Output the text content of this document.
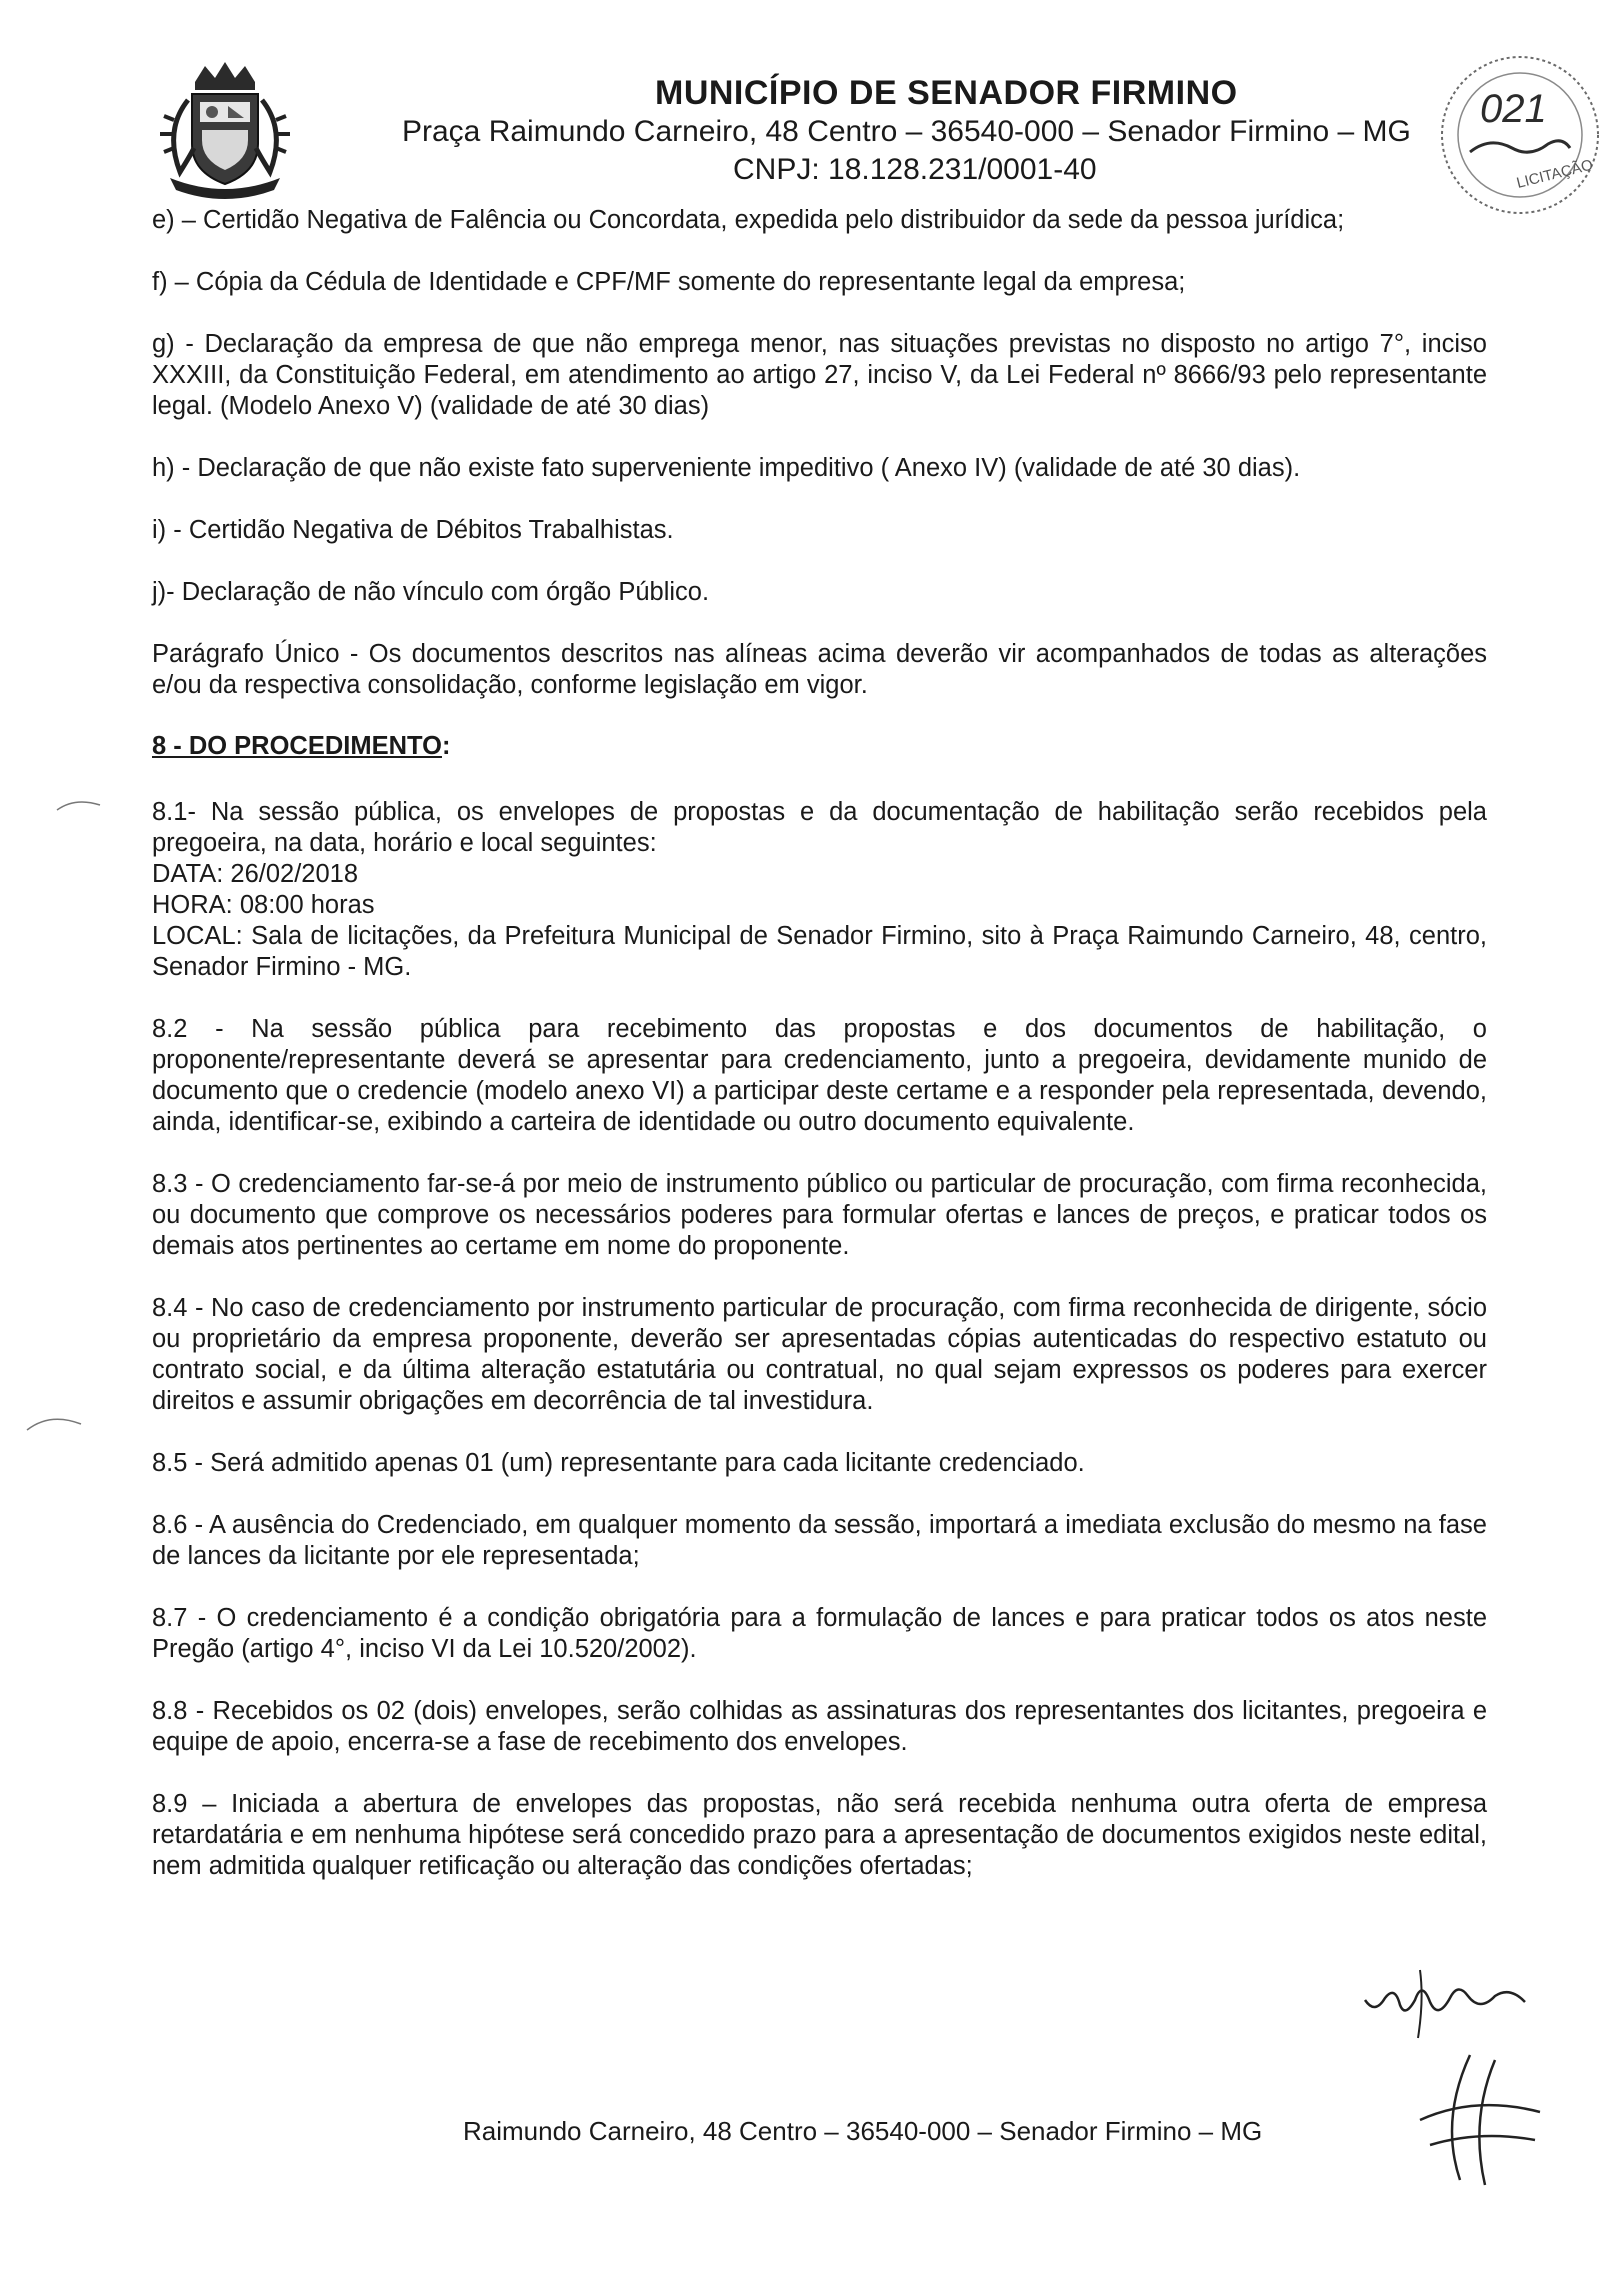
MUNICÍPIO DE SENADOR FIRMINO
Praça Raimundo Carneiro, 48 Centro – 36540-000 – Senador Firmino – MG
CNPJ: 18.128.231/0001-40
021
LICITAÇÃO

e) – Certidão Negativa de Falência ou Concordata, expedida pelo distribuidor da sede da pessoa jurídica;

f) – Cópia da Cédula de Identidade e CPF/MF somente do representante legal da empresa;

g) - Declaração da empresa de que não emprega menor, nas situações previstas no disposto no artigo 7°, inciso XXXIII, da Constituição Federal, em atendimento ao artigo 27, inciso V, da Lei Federal nº 8666/93 pelo representante legal. (Modelo Anexo V) (validade de até 30 dias)

h) - Declaração de que não existe fato superveniente impeditivo ( Anexo IV) (validade de até 30 dias).

i) - Certidão Negativa de Débitos Trabalhistas.

j)- Declaração de não vínculo com órgão Público.

Parágrafo Único - Os documentos descritos nas alíneas acima deverão vir acompanhados de todas as alterações e/ou da respectiva consolidação, conforme legislação em vigor.

8 - DO PROCEDIMENTO:

8.1- Na sessão pública, os envelopes de propostas e da documentação de habilitação serão recebidos pela pregoeira, na data, horário e local seguintes:
DATA: 26/02/2018
HORA: 08:00 horas
LOCAL: Sala de licitações, da Prefeitura Municipal de Senador Firmino, sito à Praça Raimundo Carneiro, 48, centro, Senador Firmino - MG.

8.2 - Na sessão pública para recebimento das propostas e dos documentos de habilitação, o proponente/representante deverá se apresentar para credenciamento, junto a pregoeira, devidamente munido de documento que o credencie (modelo anexo VI) a participar deste certame e a responder pela representada, devendo, ainda, identificar-se, exibindo a carteira de identidade ou outro documento equivalente.

8.3 - O credenciamento far-se-á por meio de instrumento público ou particular de procuração, com firma reconhecida, ou documento que comprove os necessários poderes para formular ofertas e lances de preços, e praticar todos os demais atos pertinentes ao certame em nome do proponente.

8.4 - No caso de credenciamento por instrumento particular de procuração, com firma reconhecida de dirigente, sócio ou proprietário da empresa proponente, deverão ser apresentadas cópias autenticadas do respectivo estatuto ou contrato social, e da última alteração estatutária ou contratual, no qual sejam expressos os poderes para exercer direitos e assumir obrigações em decorrência de tal investidura.

8.5 - Será admitido apenas 01 (um) representante para cada licitante credenciado.

8.6 - A ausência do Credenciado, em qualquer momento da sessão, importará a imediata exclusão do mesmo na fase de lances da licitante por ele representada;

8.7 - O credenciamento é a condição obrigatória para a formulação de lances e para praticar todos os atos neste Pregão (artigo 4°, inciso VI da Lei 10.520/2002).

8.8 - Recebidos os 02 (dois) envelopes, serão colhidas as assinaturas dos representantes dos licitantes, pregoeira e equipe de apoio, encerra-se a fase de recebimento dos envelopes.

8.9 – Iniciada a abertura de envelopes das propostas, não será recebida nenhuma outra oferta de empresa retardatária e em nenhuma hipótese será concedido prazo para a apresentação de documentos exigidos neste edital, nem admitida qualquer retificação ou alteração das condições ofertadas;

Raimundo Carneiro, 48 Centro – 36540-000 – Senador Firmino – MG
